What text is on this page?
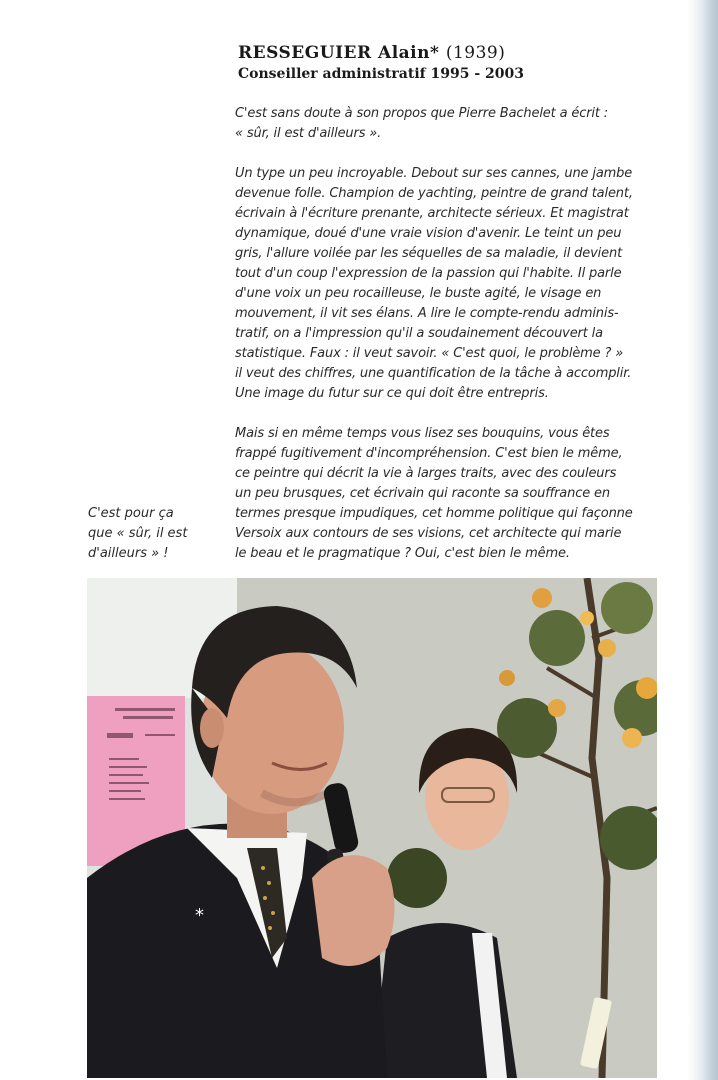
RESSEGUIER Alain* (1939)
Conseiller administratif 1995 - 2003

C'est sans doute à son propos que Pierre Bachelet a écrit :
« sûr, il est d'ailleurs ».

Un type un peu incroyable. Debout sur ses cannes, une jambe
devenue folle. Champion de yachting, peintre de grand talent,
écrivain à l'écriture prenante, architecte sérieux. Et magistrat
dynamique, doué d'une vraie vision d'avenir. Le teint un peu
gris, l'allure voilée par les séquelles de sa maladie, il devient
tout d'un coup l'expression de la passion qui l'habite. Il parle
d'une voix un peu rocailleuse, le buste agité, le visage en
mouvement, il vit ses élans. A lire le compte-rendu adminis-
tratif, on a l'impression qu'il a soudainement découvert la
statistique. Faux : il veut savoir. « C'est quoi, le problème ? »
il veut des chiffres, une quantification de la tâche à accomplir.
Une image du futur sur ce qui doit être entrepris.

Mais si en même temps vous lisez ses bouquins, vous êtes
frappé fugitivement d'incompréhension. C'est bien le même,
ce peintre qui décrit la vie à larges traits, avec des couleurs
un peu brusques, cet écrivain qui raconte sa souffrance en
termes presque impudiques, cet homme politique qui façonne
Versoix aux contours de ses visions, cet architecte qui marie
le beau et le pragmatique ? Oui, c'est bien le même.

C'est pour ça
que « sûr, il est
d'ailleurs » !
*
